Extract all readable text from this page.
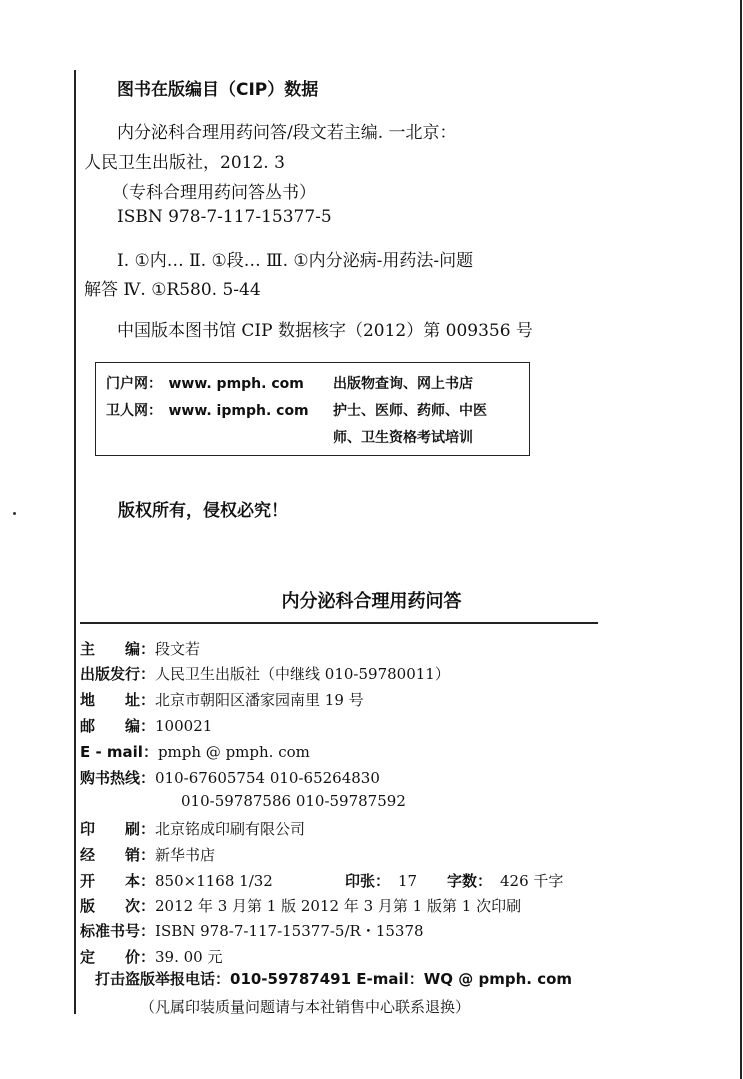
图书在版编目（CIP）数据
内分泌科合理用药问答/段文若主编. 一北京：
人民卫生出版社，2012. 3
（专科合理用药问答丛书）
ISBN 978-7-117-15377-5
Ⅰ. ①内… Ⅱ. ①段… Ⅲ. ①内分泌病-用药法-问题
解答 Ⅳ. ①R580. 5-44
中国版本图书馆 CIP 数据核字（2012）第 009356 号
门户网： www. pmph. com 出版物查询、网上书店
卫人网： www. ipmph. com 护士、医师、药师、中医
师、卫生资格考试培训
版权所有，侵权必究！
内分泌科合理用药问答
主　　编：段文若
出版发行：人民卫生出版社（中继线 010-59780011）
地　　址：北京市朝阳区潘家园南里 19 号
邮　　编：100021
E - mail：pmph @ pmph. com
购书热线：010-67605754 010-65264830
010-59787586 010-59787592
印　　刷：北京铭成印刷有限公司
经　　销：新华书店
开　　本：850×1168 1/32	印张： 17 字数： 426 千字
版　　次：2012 年 3 月第 1 版 2012 年 3 月第 1 版第 1 次印刷
标准书号：ISBN 978-7-117-15377-5/R・15378
定　　价：39. 00 元
打击盗版举报电话：010-59787491 E-mail：WQ @ pmph. com
（凡属印装质量问题请与本社销售中心联系退换）
